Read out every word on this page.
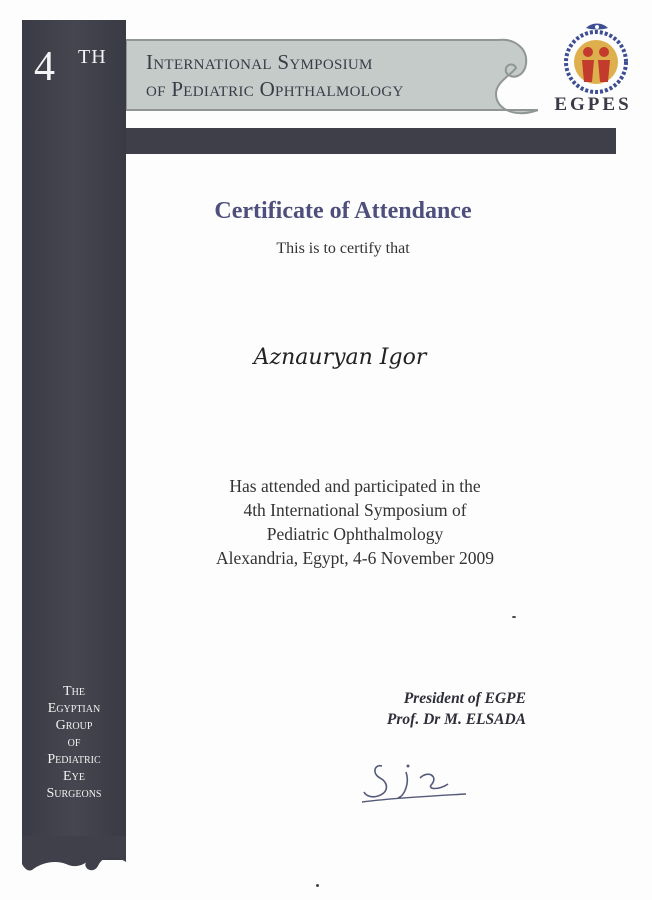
4 TH International Symposium
of Pediatric Ophthalmology
EGPES
Certificate of Attendance
This is to certify that
Aznauryan Igor
Has attended and participated in the
4th International Symposium of
Pediatric Ophthalmology
Alexandria, Egypt, 4-6 November 2009
The
Egyptian
Group
of
Pediatric
Eye
Surgeons
President of EGPE
Prof. Dr M. ELSADA
